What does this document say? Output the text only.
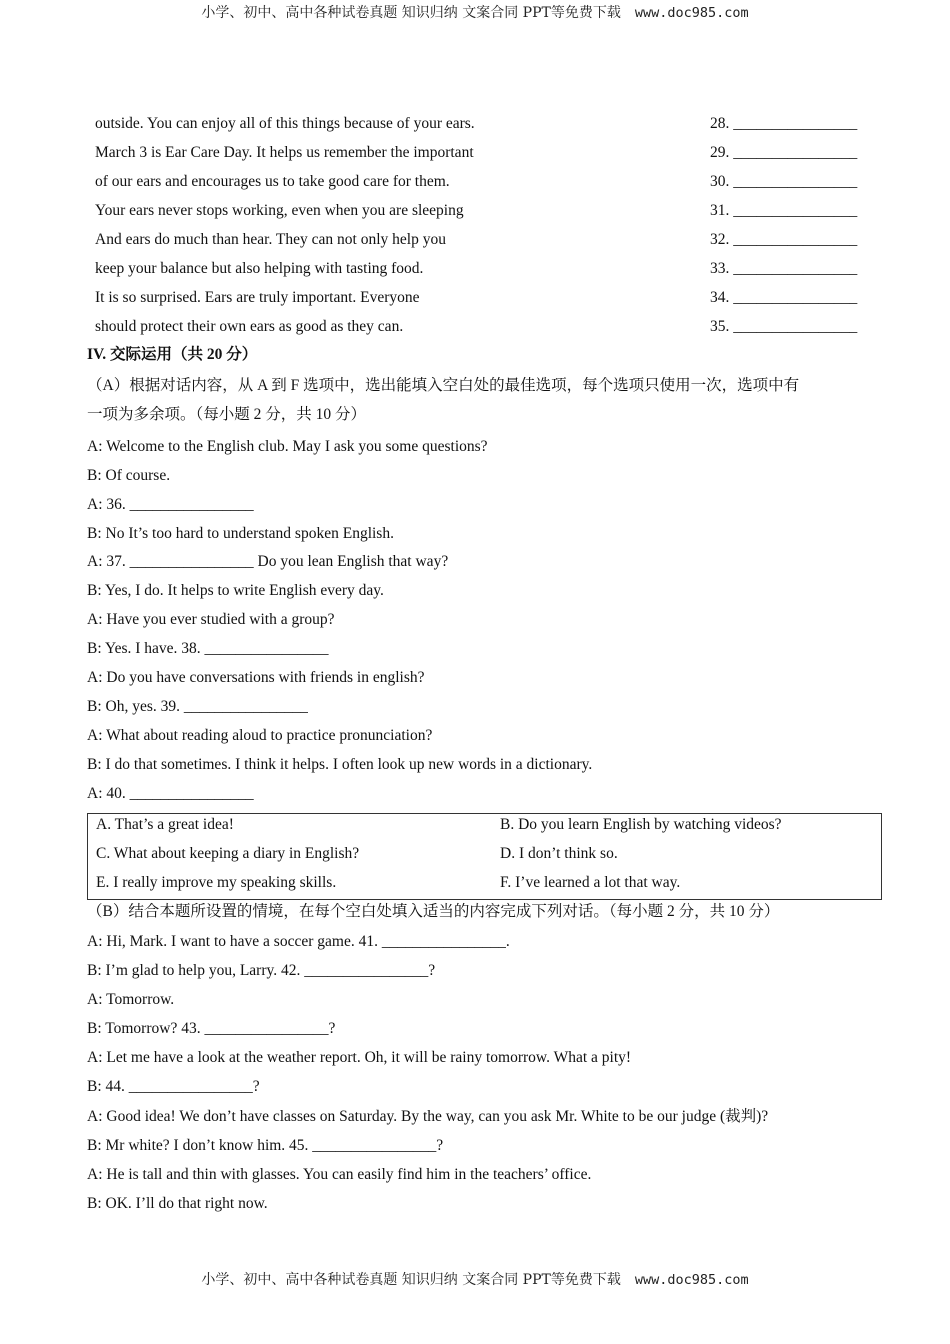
小学、初中、高中各种试卷真题 知识归纳 文案合同 PPT等免费下载 www.doc985.com
outside. You can enjoy all of this things because of your ears.	28. ________________
March 3 is Ear Care Day. It helps us remember the important	29. ________________
of our ears and encourages us to take good care for them.	30. ________________
Your ears never stops working, even when you are sleeping	31. ________________
And ears do much than hear. They can not only help you	32. ________________
keep your balance but also helping with tasting food.	33. ________________
It is so surprised. Ears are truly important. Everyone	34. ________________
should protect their own ears as good as they can.	35. ________________
IV. 交际运用（共 20 分）
（A）根据对话内容，从 A 到 F 选项中，选出能填入空白处的最佳选项，每个选项只使用一次，选项中有
一项为多余项。（每小题 2 分，共 10 分）
A: Welcome to the English club. May I ask you some questions?
B: Of course.
A: 36. ________________
B: No It’s too hard to understand spoken English.
A: 37. ________________ Do you lean English that way?
B: Yes, I do. It helps to write English every day.
A: Have you ever studied with a group?
B: Yes. I have. 38. ________________
A: Do you have conversations with friends in english?
B: Oh, yes. 39. ________________
A: What about reading aloud to practice pronunciation?
B: I do that sometimes. I think it helps. I often look up new words in a dictionary.
A: 40. ________________
A. That’s a great idea!	B. Do you learn English by watching videos?
C. What about keeping a diary in English?	D. I don’t think so.
E. I really improve my speaking skills.	F. I’ve learned a lot that way.
（B）结合本题所设置的情境，在每个空白处填入适当的内容完成下列对话。（每小题 2 分，共 10 分）
A: Hi, Mark. I want to have a soccer game. 41. ________________.
B: I’m glad to help you, Larry. 42. ________________?
A: Tomorrow.
B: Tomorrow? 43. ________________?
A: Let me have a look at the weather report. Oh, it will be rainy tomorrow. What a pity!
B: 44. ________________?
A: Good idea! We don’t have classes on Saturday. By the way, can you ask Mr. White to be our judge (裁判)?
B: Mr white? I don’t know him. 45. ________________?
A: He is tall and thin with glasses. You can easily find him in the teachers’ office.
B: OK. I’ll do that right now.
小学、初中、高中各种试卷真题 知识归纳 文案合同 PPT等免费下载 www.doc985.com
